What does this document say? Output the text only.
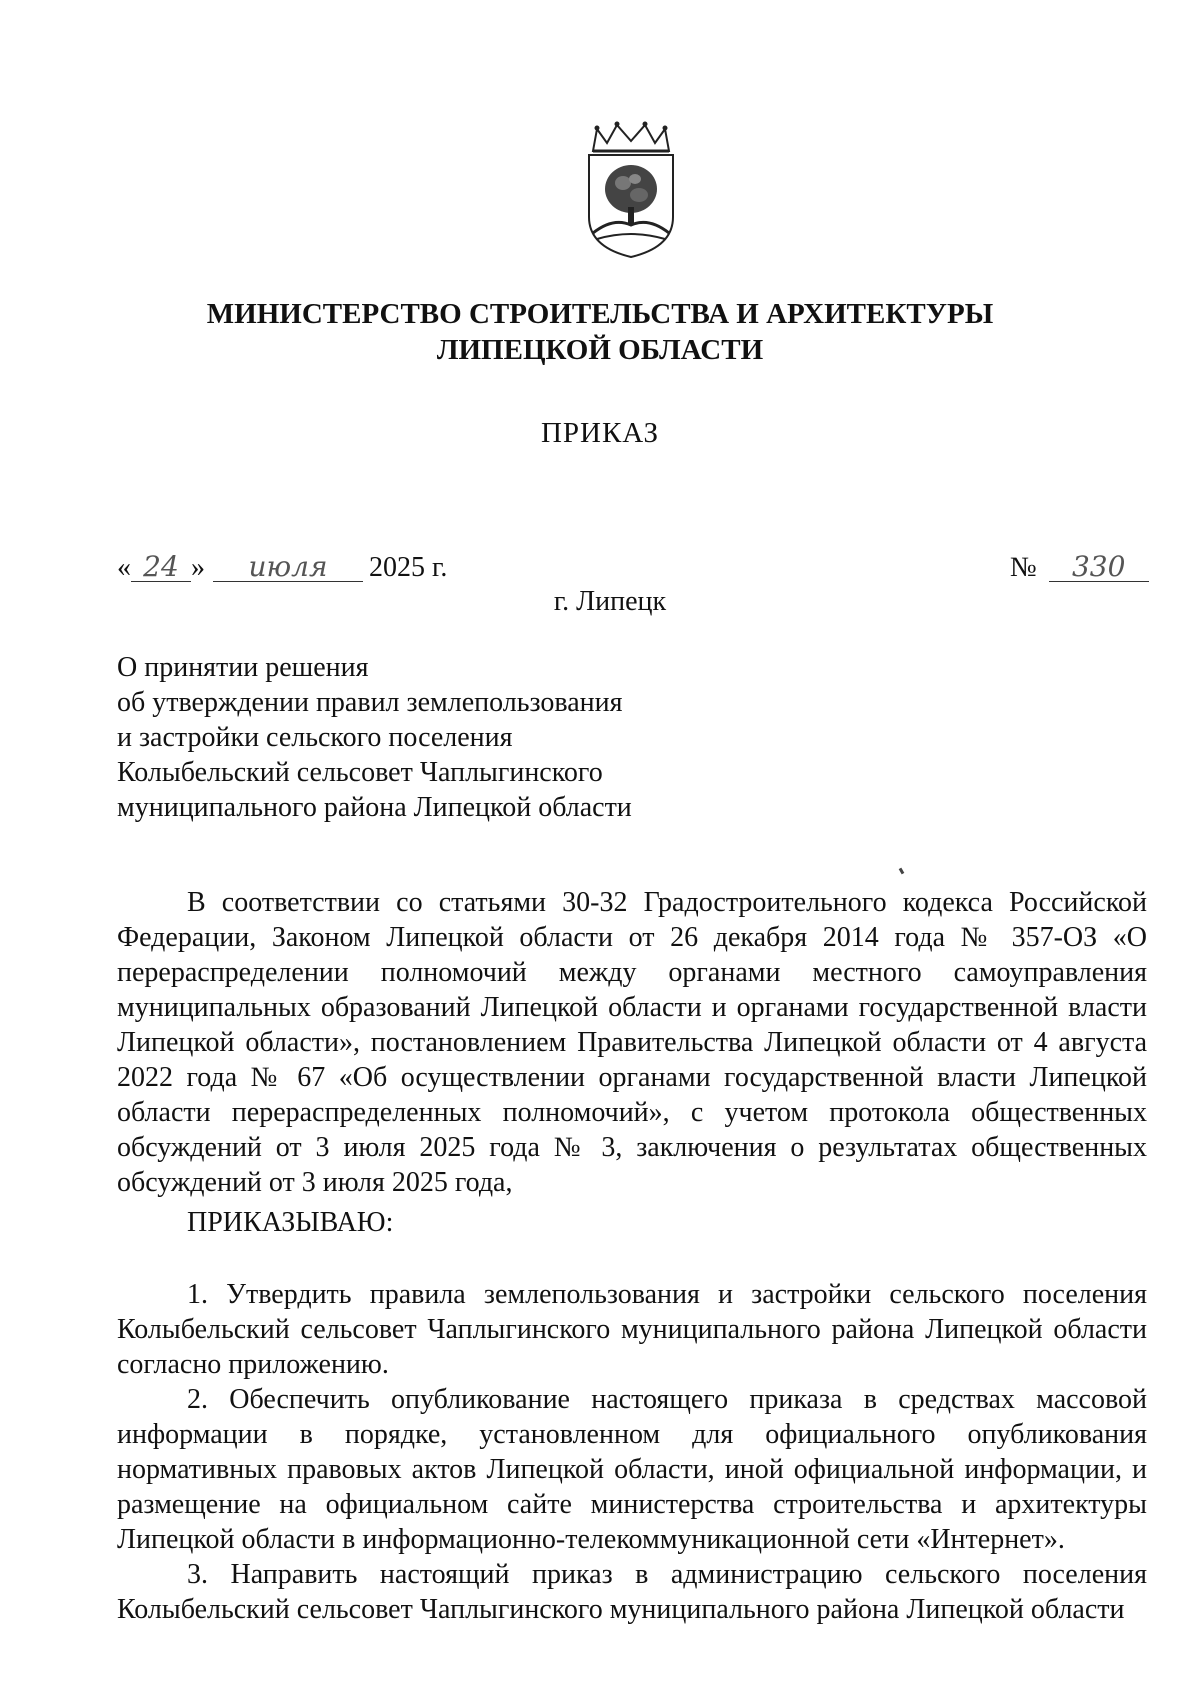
МИНИСТЕРСТВО СТРОИТЕЛЬСТВА И АРХИТЕКТУРЫ
ЛИПЕЦКОЙ ОБЛАСТИ
ПРИКАЗ
« 24 » июля 2025 г.	№ 330
г. Липецк
О принятии решения
об утверждении правил землепользования
и застройки сельского поселения
Колыбельский сельсовет Чаплыгинского
муниципального района Липецкой области

В соответствии со статьями 30-32 Градостроительного кодекса Российской Федерации, Законом Липецкой области от 26 декабря 2014 года № 357-ОЗ «О перераспределении полномочий между органами местного самоуправления муниципальных образований Липецкой области и органами государственной власти Липецкой области», постановлением Правительства Липецкой области от 4 августа 2022 года № 67 «Об осуществлении органами государственной власти Липецкой области перераспределенных полномочий», с учетом протокола общественных обсуждений от 3 июля 2025 года № 3, заключения о результатах общественных обсуждений от 3 июля 2025 года,

ПРИКАЗЫВАЮ:

1. Утвердить правила землепользования и застройки сельского поселения Колыбельский сельсовет Чаплыгинского муниципального района Липецкой области согласно приложению.

2. Обеспечить опубликование настоящего приказа в средствах массовой информации в порядке, установленном для официального опубликования нормативных правовых актов Липецкой области, иной официальной информации, и размещение на официальном сайте министерства строительства и архитектуры Липецкой области в информационно-телекоммуникационной сети «Интернет».

3. Направить настоящий приказ в администрацию сельского поселения Колыбельский сельсовет Чаплыгинского муниципального района Липецкой области
